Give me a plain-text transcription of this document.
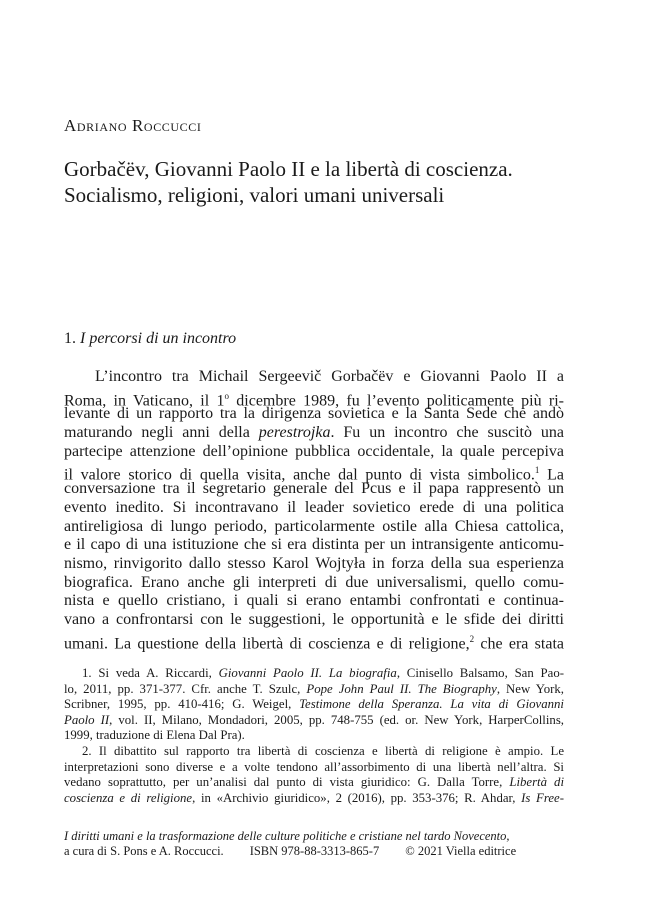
Adriano Roccucci
Gorbačëv, Giovanni Paolo II e la libertà di coscienza.
Socialismo, religioni, valori umani universali
1. I percorsi di un incontro
L’incontro tra Michail Sergeevič Gorbačëv e Giovanni Paolo II a
Roma, in Vaticano, il 1$^o$ dicembre 1989, fu l’evento politicamente più ri-
levante di un rapporto tra la dirigenza sovietica e la Santa Sede che andò
maturando negli anni della perestrojka. Fu un incontro che suscitò una
partecipe attenzione dell’opinione pubblica occidentale, la quale percepiva
il valore storico di quella visita, anche dal punto di vista simbolico.$^1$ La
conversazione tra il segretario generale del Pcus e il papa rappresentò un
evento inedito. Si incontravano il leader sovietico erede di una politica
antireligiosa di lungo periodo, particolarmente ostile alla Chiesa cattolica,
e il capo di una istituzione che si era distinta per un intransigente anticomu-
nismo, rinvigorito dallo stesso Karol Wojtyła in forza della sua esperienza
biografica. Erano anche gli interpreti di due universalismi, quello comu-
nista e quello cristiano, i quali si erano entambi confrontati e continua-
vano a confrontarsi con le suggestioni, le opportunità e le sfide dei diritti
umani. La questione della libertà di coscienza e di religione,$^2$ che era stata
1. Si veda A. Riccardi, Giovanni Paolo II. La biografia, Cinisello Balsamo, San Pao-
lo, 2011, pp. 371-377. Cfr. anche T. Szulc, Pope John Paul II. The Biography, New York,
Scribner, 1995, pp. 410-416; G. Weigel, Testimone della Speranza. La vita di Giovanni
Paolo II, vol. II, Milano, Mondadori, 2005, pp. 748-755 (ed. or. New York, HarperCollins,
1999, traduzione di Elena Dal Pra).
2. Il dibattito sul rapporto tra libertà di coscienza e libertà di religione è ampio. Le
interpretazioni sono diverse e a volte tendono all’assorbimento di una libertà nell’altra. Si
vedano soprattutto, per un’analisi dal punto di vista giuridico: G. Dalla Torre, Libertà di
coscienza e di religione, in «Archivio giuridico», 2 (2016), pp. 353-376; R. Ahdar, Is Free-
I diritti umani e la trasformazione delle culture politiche e cristiane nel tardo Novecento,
a cura di S. Pons e A. Roccucci. ISBN 978-88-3313-865-7 © 2021 Viella editrice
